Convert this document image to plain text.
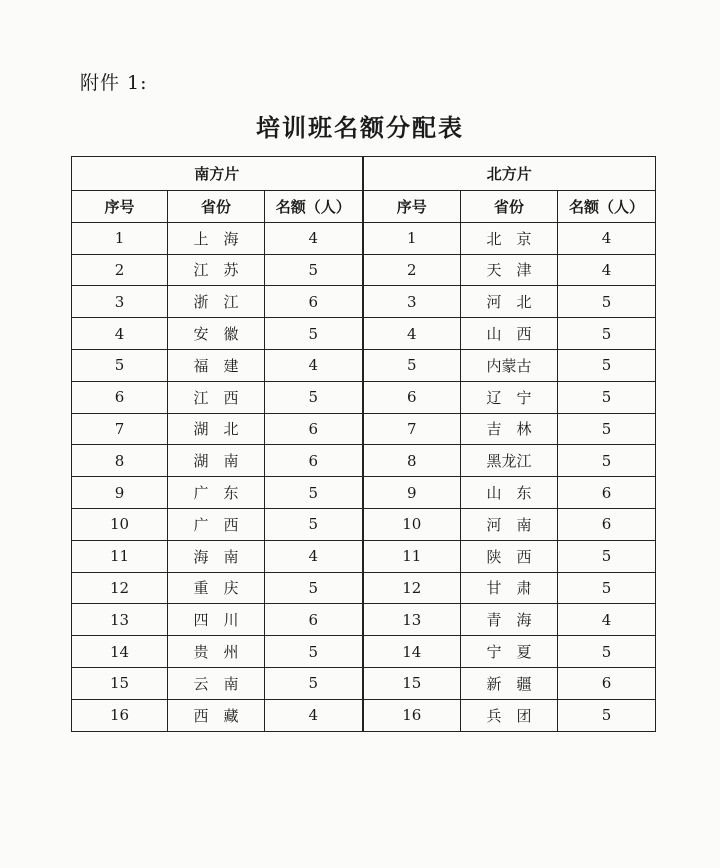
附件 1:
培训班名额分配表
南方片			北方片		
序号	省份	名额（人）	序号	省份	名额（人）
1	上　海	4	1	北　京	4
2	江　苏	5	2	天　津	4
3	浙　江	6	3	河　北	5
4	安　徽	5	4	山　西	5
5	福　建	4	5	内蒙古	5
6	江　西	5	6	辽　宁	5
7	湖　北	6	7	吉　林	5
8	湖　南	6	8	黑龙江	5
9	广　东	5	9	山　东	6
10	广　西	5	10	河　南	6
11	海　南	4	11	陕　西	5
12	重　庆	5	12	甘　肃	5
13	四　川	6	13	青　海	4
14	贵　州	5	14	宁　夏	5
15	云　南	5	15	新　疆	6
16	西　藏	4	16	兵　团	5
